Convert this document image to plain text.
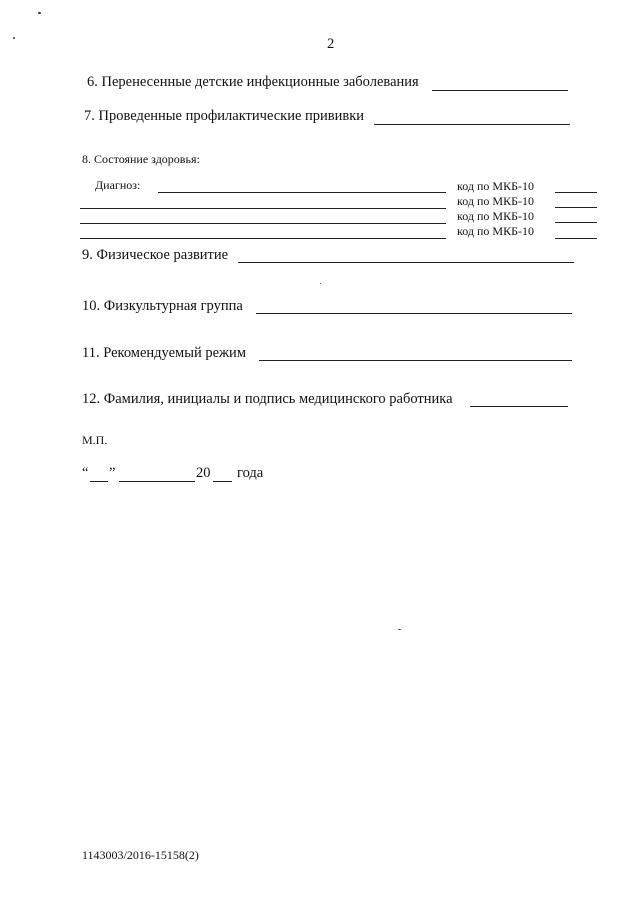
2
6. Перенесенные детские инфекционные заболевания
7. Проведенные профилактические прививки
8. Состояние здоровья:
Диагноз:	код по МКБ-10
код по МКБ-10
код по МКБ-10
код по МКБ-10
9. Физическое развитие
10. Физкультурная группа
11. Рекомендуемый режим
12. Фамилия, инициалы и подпись медицинского работника
М.П.
“ ”	20 года
1143003/2016-15158(2)
